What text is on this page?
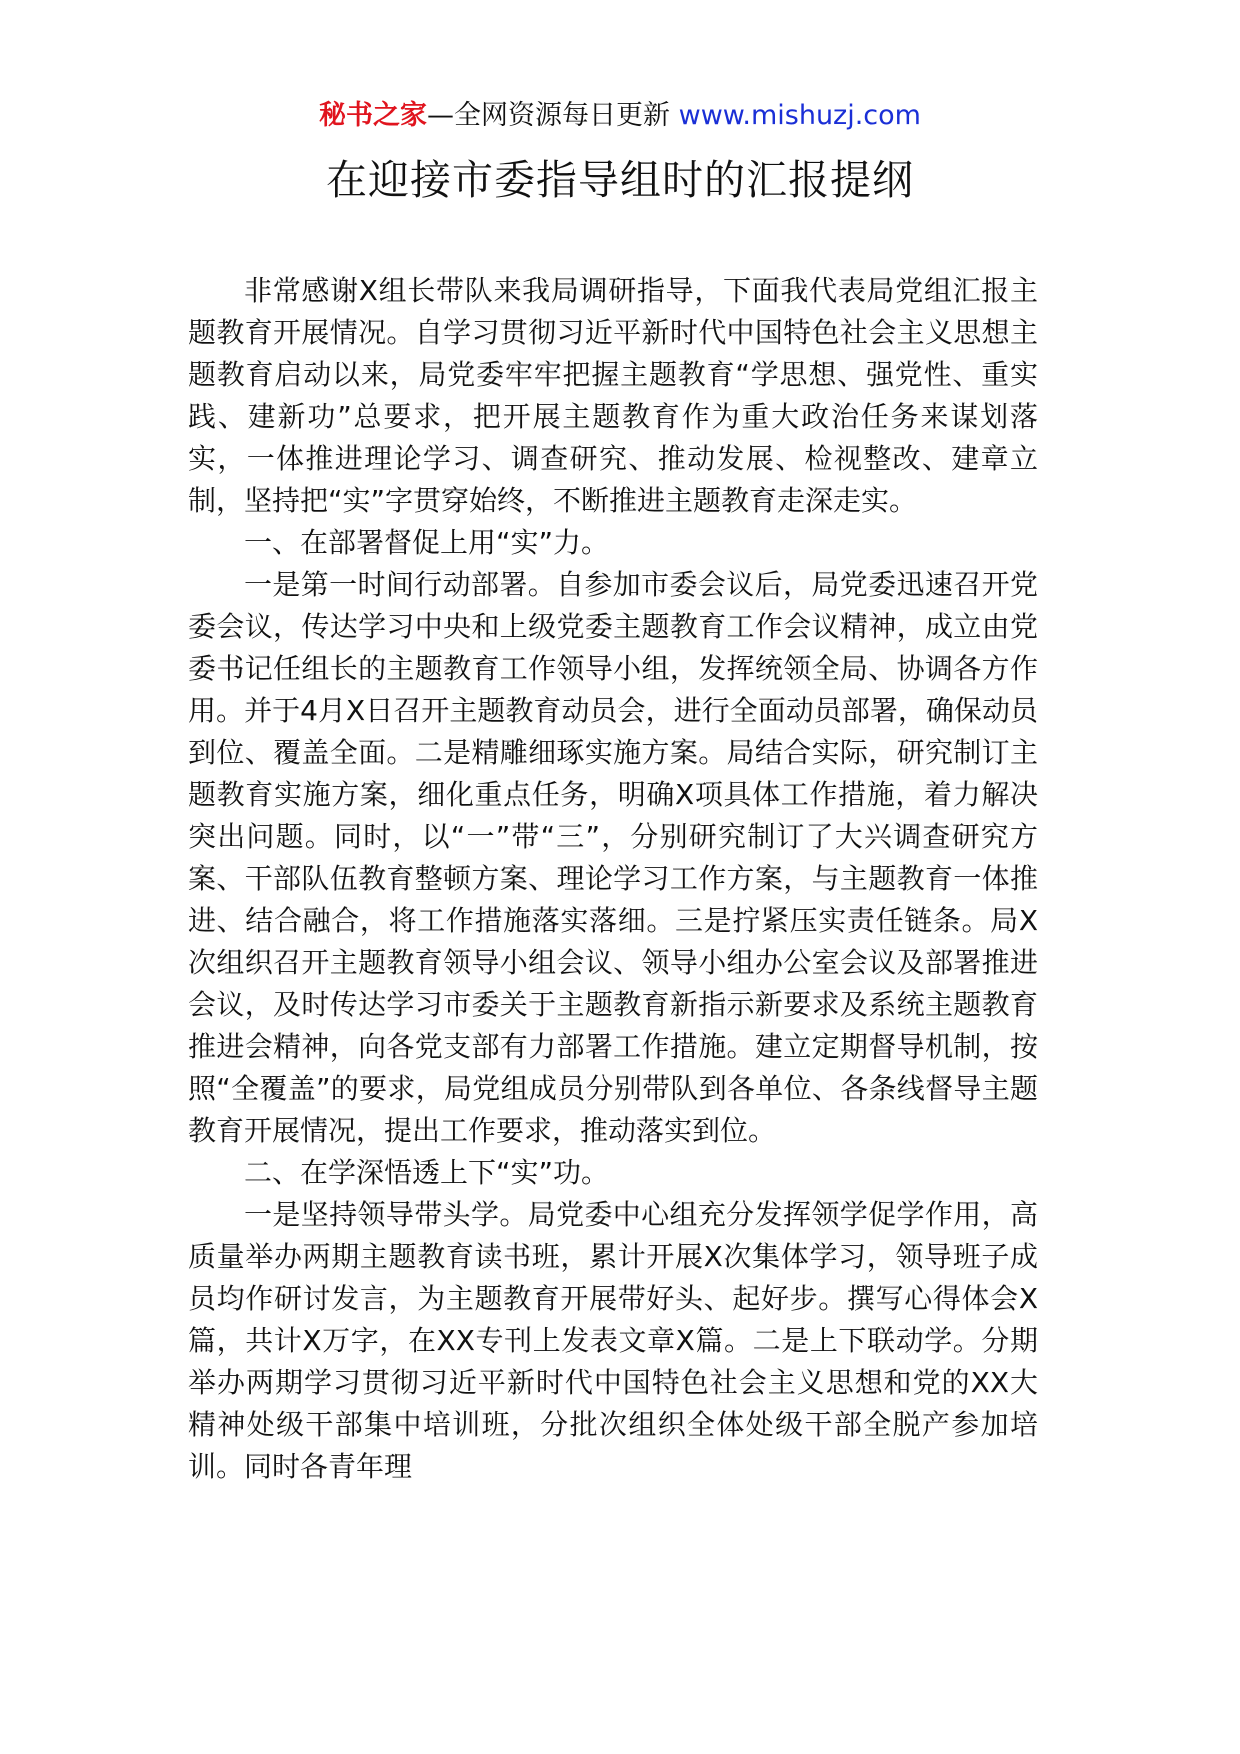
秘书之家—全网资源每日更新 www.mishuzj.com
在迎接市委指导组时的汇报提纲

非常感谢X组长带队来我局调研指导，下面我代表局党组汇报主题教育开展情况。自学习贯彻习近平新时代中国特色社会主义思想主题教育启动以来，局党委牢牢把握主题教育“学思想、强党性、重实践、建新功”总要求，把开展主题教育作为重大政治任务来谋划落实，一体推进理论学习、调查研究、推动发展、检视整改、建章立制，坚持把“实”字贯穿始终，不断推进主题教育走深走实。

一、在部署督促上用“实”力。

一是第一时间行动部署。自参加市委会议后，局党委迅速召开党委会议，传达学习中央和上级党委主题教育工作会议精神，成立由党委书记任组长的主题教育工作领导小组，发挥统领全局、协调各方作用。并于4月X日召开主题教育动员会，进行全面动员部署，确保动员到位、覆盖全面。二是精雕细琢实施方案。局结合实际，研究制订主题教育实施方案，细化重点任务，明确X项具体工作措施，着力解决突出问题。同时，以“一”带“三”，分别研究制订了大兴调查研究方案、干部队伍教育整顿方案、理论学习工作方案，与主题教育一体推进、结合融合，将工作措施落实落细。三是拧紧压实责任链条。局X次组织召开主题教育领导小组会议、领导小组办公室会议及部署推进会议，及时传达学习市委关于主题教育新指示新要求及系统主题教育推进会精神，向各党支部有力部署工作措施。建立定期督导机制，按照“全覆盖”的要求，局党组成员分别带队到各单位、各条线督导主题教育开展情况，提出工作要求，推动落实到位。

二、在学深悟透上下“实”功。

一是坚持领导带头学。局党委中心组充分发挥领学促学作用，高质量举办两期主题教育读书班，累计开展X次集体学习，领导班子成员均作研讨发言，为主题教育开展带好头、起好步。撰写心得体会X篇，共计X万字，在XX专刊上发表文章X篇。二是上下联动学。分期举办两期学习贯彻习近平新时代中国特色社会主义思想和党的XX大精神处级干部集中培训班，分批次组织全体处级干部全脱产参加培训。同时各青年理
